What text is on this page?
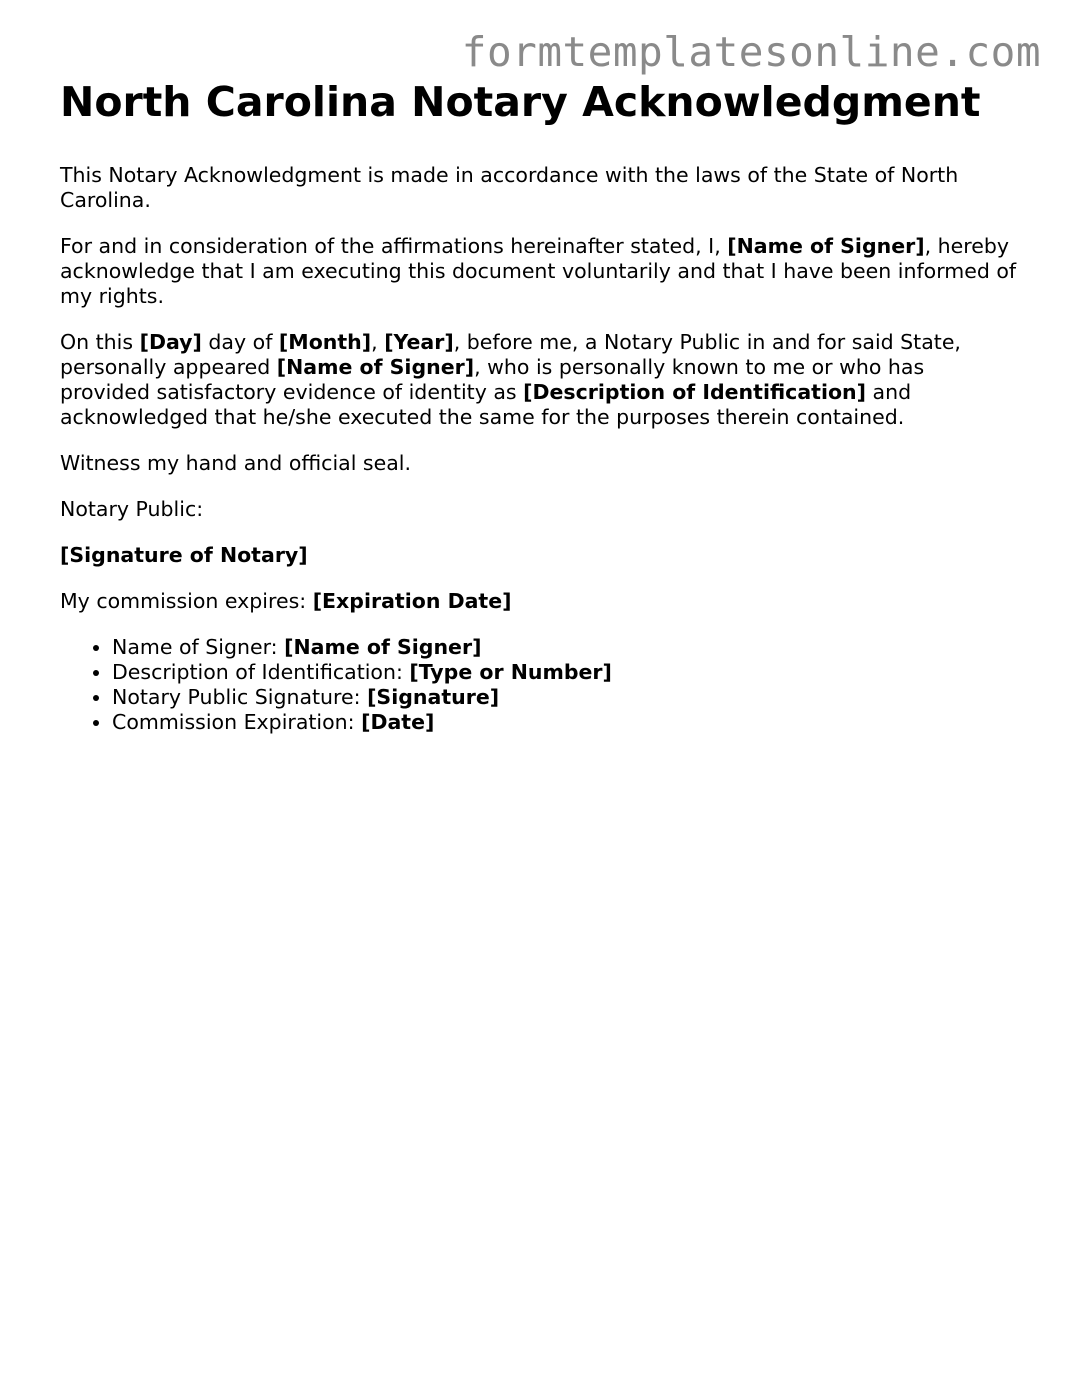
formtemplatesonline.com
North Carolina Notary Acknowledgment

This Notary Acknowledgment is made in accordance with the laws of the State of North Carolina.

For and in consideration of the affirmations hereinafter stated, I, [Name of Signer], hereby acknowledge that I am executing this document voluntarily and that I have been informed of my rights.

On this [Day] day of [Month], [Year], before me, a Notary Public in and for said State, personally appeared [Name of Signer], who is personally known to me or who has provided satisfactory evidence of identity as [Description of Identification] and acknowledged that he/she executed the same for the purposes therein contained.

Witness my hand and official seal.

Notary Public:

[Signature of Notary]

My commission expires: [Expiration Date]

• Name of Signer: [Name of Signer]
• Description of Identification: [Type or Number]
• Notary Public Signature: [Signature]
• Commission Expiration: [Date]
